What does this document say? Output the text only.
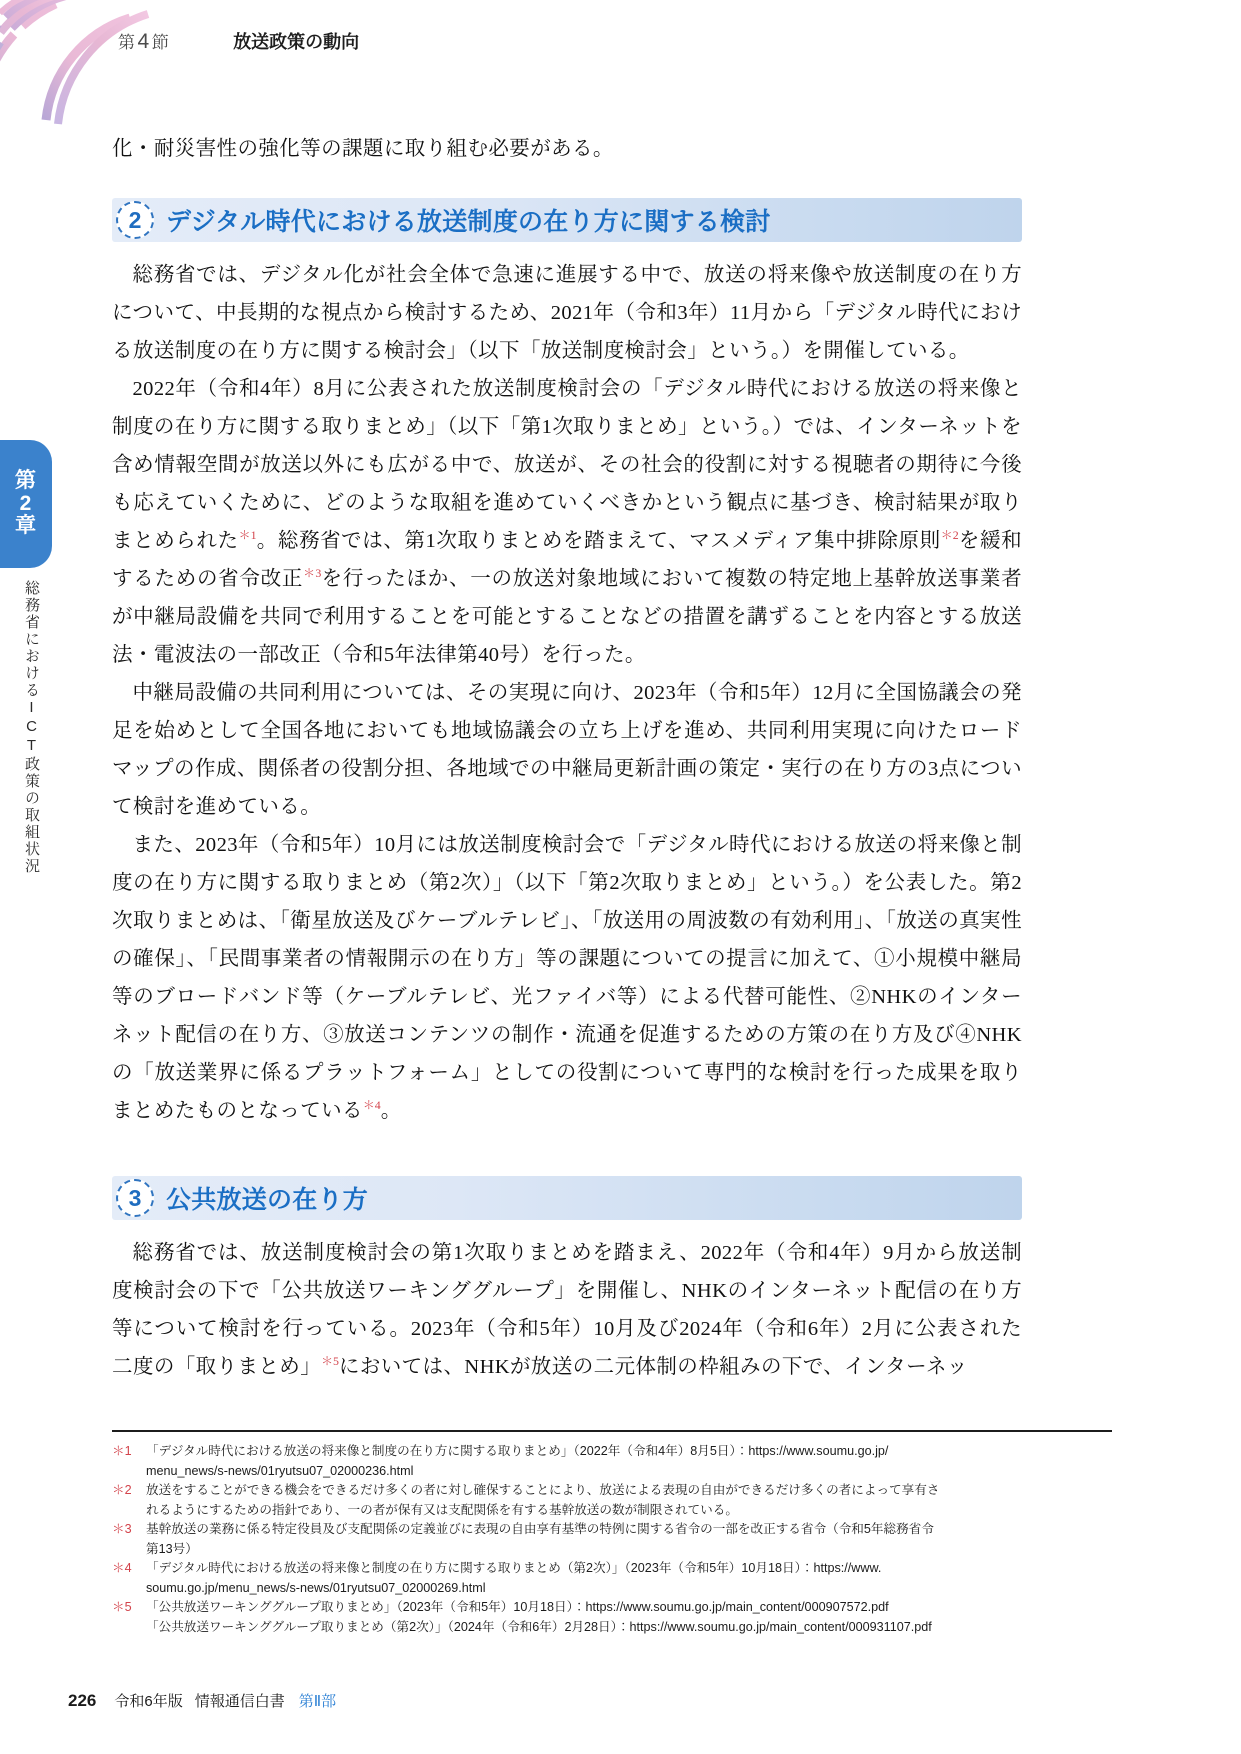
第4 節	放送政策の動向
第
2
章
総務省におけるICT政策の取組状況

化・耐災害性の強化等の課題に取り組む必要がある。

2 デジタル時代における放送制度の在り方に関する検討

総務省では、デジタル化が社会全体で急速に進展する中で、放送の将来像や放送制度の在り方について、中長期的な視点から検討するため、2021年（令和3年）11月から「デジタル時代における放送制度の在り方に関する検討会」（以下「放送制度検討会」という。）を開催している。

2022年（令和4年）8月に公表された放送制度検討会の「デジタル時代における放送の将来像と制度の在り方に関する取りまとめ」（以下「第1次取りまとめ」という。）では、インターネットを含め情報空間が放送以外にも広がる中で、放送が、その社会的役割に対する視聴者の期待に今後も応えていくために、どのような取組を進めていくべきかという観点に基づき、検討結果が取りまとめられた$^{*1}$。総務省では、第1次取りまとめを踏まえて、マスメディア集中排除原則$^{*2}$を緩和するための省令改正$^{*3}$を行ったほか、一の放送対象地域において複数の特定地上基幹放送事業者が中継局設備を共同で利用することを可能とすることなどの措置を講ずることを内容とする放送法・電波法の一部改正（令和5年法律第40号）を行った。

中継局設備の共同利用については、その実現に向け、2023年（令和5年）12月に全国協議会の発足を始めとして全国各地においても地域協議会の立ち上げを進め、共同利用実現に向けたロードマップの作成、関係者の役割分担、各地域での中継局更新計画の策定・実行の在り方の3点について検討を進めている。

また、2023年（令和5年）10月には放送制度検討会で「デジタル時代における放送の将来像と制度の在り方に関する取りまとめ（第2次）」（以下「第2次取りまとめ」という。）を公表した。第2次取りまとめは、「衛星放送及びケーブルテレビ」、「放送用の周波数の有効利用」、「放送の真実性の確保」、「民間事業者の情報開示の在り方」等の課題についての提言に加えて、①小規模中継局等のブロードバンド等（ケーブルテレビ、光ファイバ等）による代替可能性、②NHKのインターネット配信の在り方、③放送コンテンツの制作・流通を促進するための方策の在り方及び④NHKの「放送業界に係るプラットフォーム」としての役割について専門的な検討を行った成果を取りまとめたものとなっている$^{*4}$。

3 公共放送の在り方

総務省では、放送制度検討会の第1次取りまとめを踏まえ、2022年（令和4年）9月から放送制度検討会の下で「公共放送ワーキンググループ」を開催し、NHKのインターネット配信の在り方等について検討を行っている。2023年（令和5年）10月及び2024年（令和6年）2月に公表された二度の「取りまとめ」$^{*5}$においては、NHKが放送の二元体制の枠組みの下で、インターネッ

＊1	「デジタル時代における放送の将来像と制度の在り方に関する取りまとめ」（2022年（令和4年）8月5日）：https://www.soumu.go.jp/
menu_news/s-news/01ryutsu07_02000236.html
＊2	放送をすることができる機会をできるだけ多くの者に対し確保することにより、放送による表現の自由ができるだけ多くの者によって享有さ
れるようにするための指針であり、一の者が保有又は支配関係を有する基幹放送の数が制限されている。
＊3	基幹放送の業務に係る特定役員及び支配関係の定義並びに表現の自由享有基準の特例に関する省令の一部を改正する省令（令和5年総務省令
第13号）
＊4	「デジタル時代における放送の将来像と制度の在り方に関する取りまとめ（第2次）」（2023年（令和5年）10月18日）：https://www.
soumu.go.jp/menu_news/s-news/01ryutsu07_02000269.html
＊5	「公共放送ワーキンググループ取りまとめ」（2023年（令和5年）10月18日）：https://www.soumu.go.jp/main_content/000907572.pdf
「公共放送ワーキンググループ取りまとめ（第2次）」（2024年（令和6年）2月28日）：https://www.soumu.go.jp/main_content/000931107.pdf
226 令和6年版 情報通信白書 第Ⅱ部
